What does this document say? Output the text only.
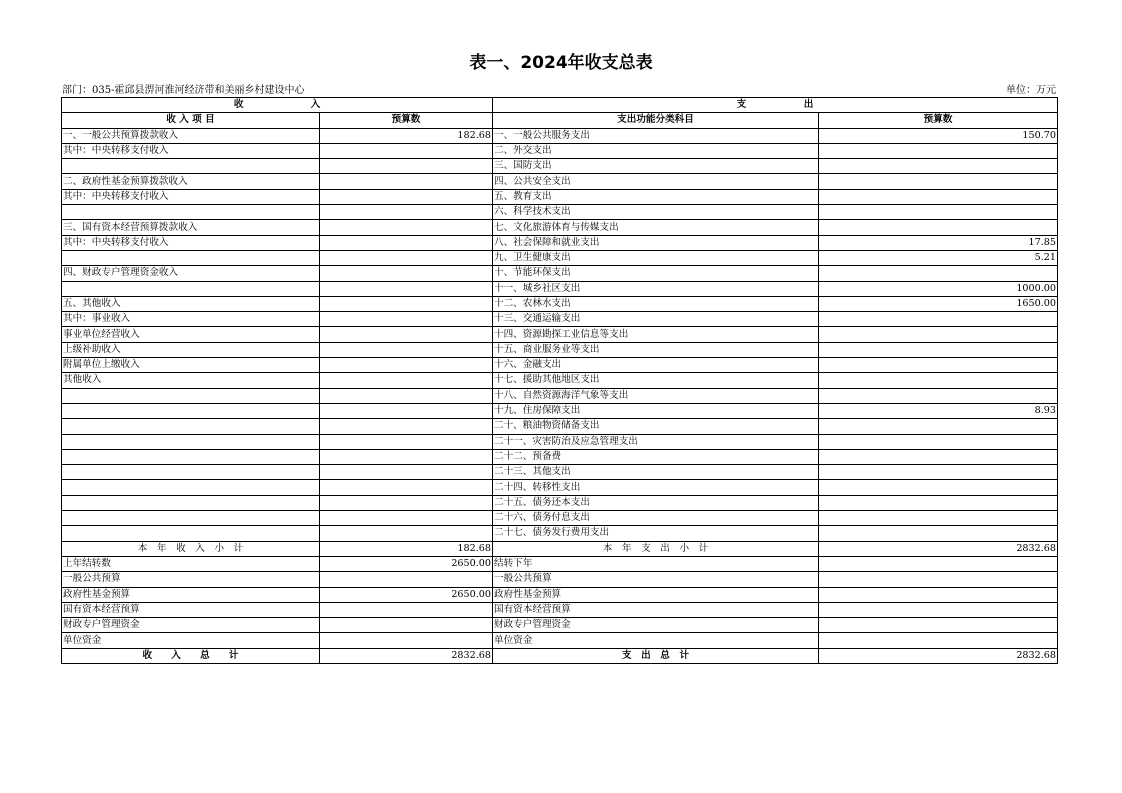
表一、2024年收支总表
部门：035-霍邱县淠河淮河经济带和美丽乡村建设中心	单位：万元
收　　　　　　　入		支　　　　　　出	
收 入 项 目	预算数	支出功能分类科目	预算数
一、一般公共预算拨款收入	182.68	一、一般公共服务支出	150.70
其中：中央转移支付收入		二、外交支出	
		三、国防支出	
二、政府性基金预算拨款收入		四、公共安全支出	
其中：中央转移支付收入		五、教育支出	
		六、科学技术支出	
三、国有资本经营预算拨款收入		七、文化旅游体育与传媒支出	
其中：中央转移支付收入		八、社会保障和就业支出	17.85
		九、卫生健康支出	5.21
四、财政专户管理资金收入		十、节能环保支出	
		十一、城乡社区支出	1000.00
五、其他收入		十二、农林水支出	1650.00
其中：事业收入		十三、交通运输支出	
事业单位经营收入		十四、资源勘探工业信息等支出	
上级补助收入		十五、商业服务业等支出	
附属单位上缴收入		十六、金融支出	
其他收入		十七、援助其他地区支出	
		十八、自然资源海洋气象等支出	
		十九、住房保障支出	8.93
		二十、粮油物资储备支出	
		二十一、灾害防治及应急管理支出	
		二十二、预备费	
		二十三、其他支出	
		二十四、转移性支出	
		二十五、债务还本支出	
		二十六、债务付息支出	
		二十七、债务发行费用支出	
本　年　收　入　小　计	182.68	本　年　支　出　小　计	2832.68
上年结转数	2650.00	结转下年	
一般公共预算		一般公共预算	
政府性基金预算	2650.00	政府性基金预算	
国有资本经营预算		国有资本经营预算	
财政专户管理资金		财政专户管理资金	
单位资金		单位资金	
收　　入　　总　　计	2832.68	支　出　总　计	2832.68
